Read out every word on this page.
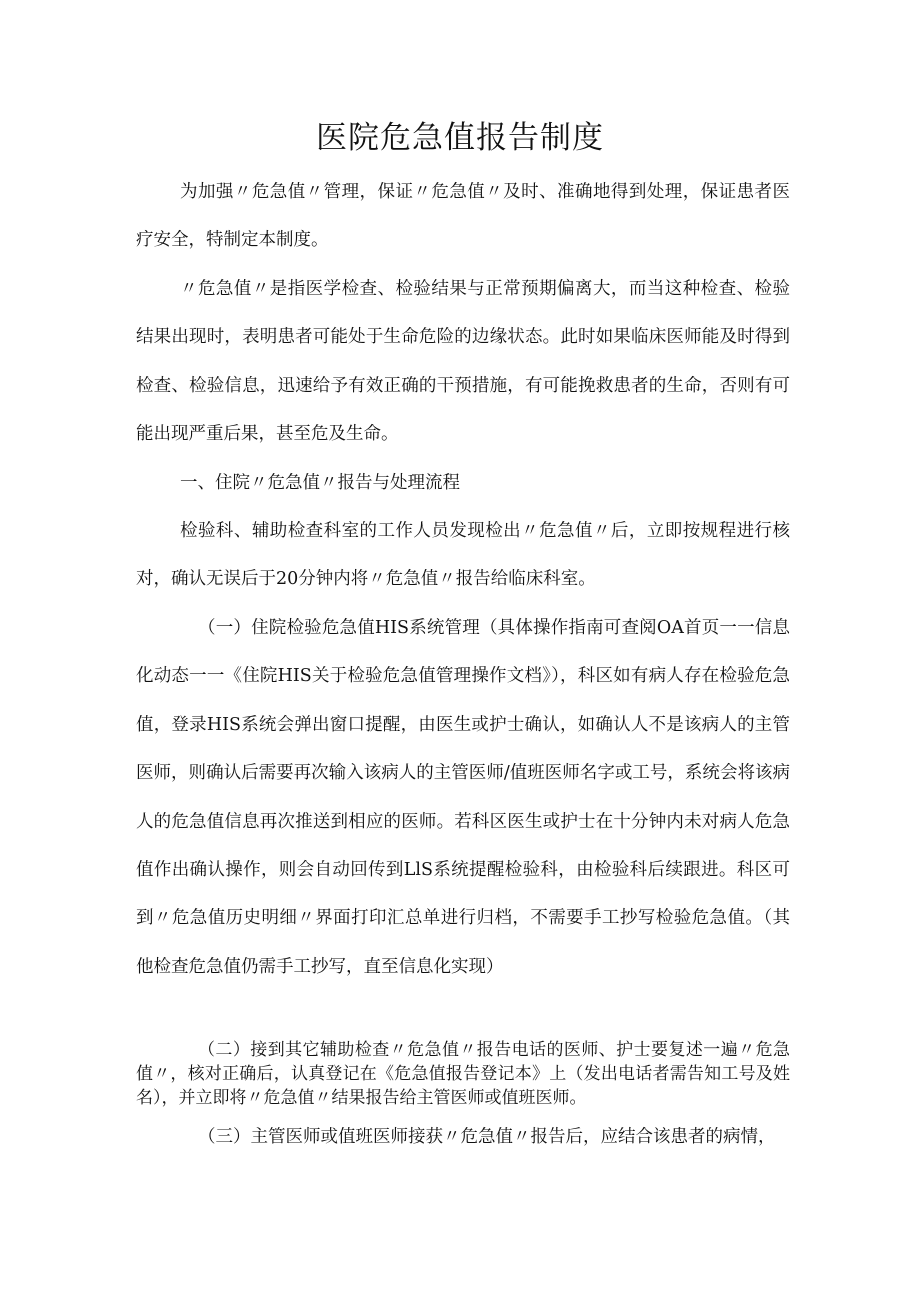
医院危急值报告制度

为加强〃危急值〃管理，保证〃危急值〃及时、准确地得到处理，保证患者医疗安全，特制定本制度。

〃危急值〃是指医学检查、检验结果与正常预期偏离大，而当这种检查、检验结果出现时，表明患者可能处于生命危险的边缘状态。此时如果临床医师能及时得到检查、检验信息，迅速给予有效正确的干预措施，有可能挽救患者的生命，否则有可能出现严重后果，甚至危及生命。

一、住院〃危急值〃报告与处理流程

检验科、辅助检查科室的工作人员发现检出〃危急值〃后，立即按规程进行核对，确认无误后于20分钟内将〃危急值〃报告给临床科室。

（一）住院检验危急值HIS系统管理（具体操作指南可查阅OA首页一一信息化动态一一《住院HIS关于检验危急值管理操作文档》），科区如有病人存在检验危急值，登录HIS系统会弹出窗口提醒，由医生或护士确认，如确认人不是该病人的主管医师，则确认后需要再次输入该病人的主管医师/值班医师名字或工号，系统会将该病人的危急值信息再次推送到相应的医师。若科区医生或护士在十分钟内未对病人危急值作出确认操作，则会自动回传到LlS系统提醒检验科，由检验科后续跟进。科区可到〃危急值历史明细〃界面打印汇总单进行归档，不需要手工抄写检验危急值。（其他检查危急值仍需手工抄写，直至信息化实现）

（二）接到其它辅助检查〃危急值〃报告电话的医师、护士要复述一遍〃危急值〃，核对正确后，认真登记在《危急值报告登记本》上（发出电话者需告知工号及姓名），并立即将〃危急值〃结果报告给主管医师或值班医师。

（三）主管医师或值班医师接获〃危急值〃报告后，应结合该患者的病情，
